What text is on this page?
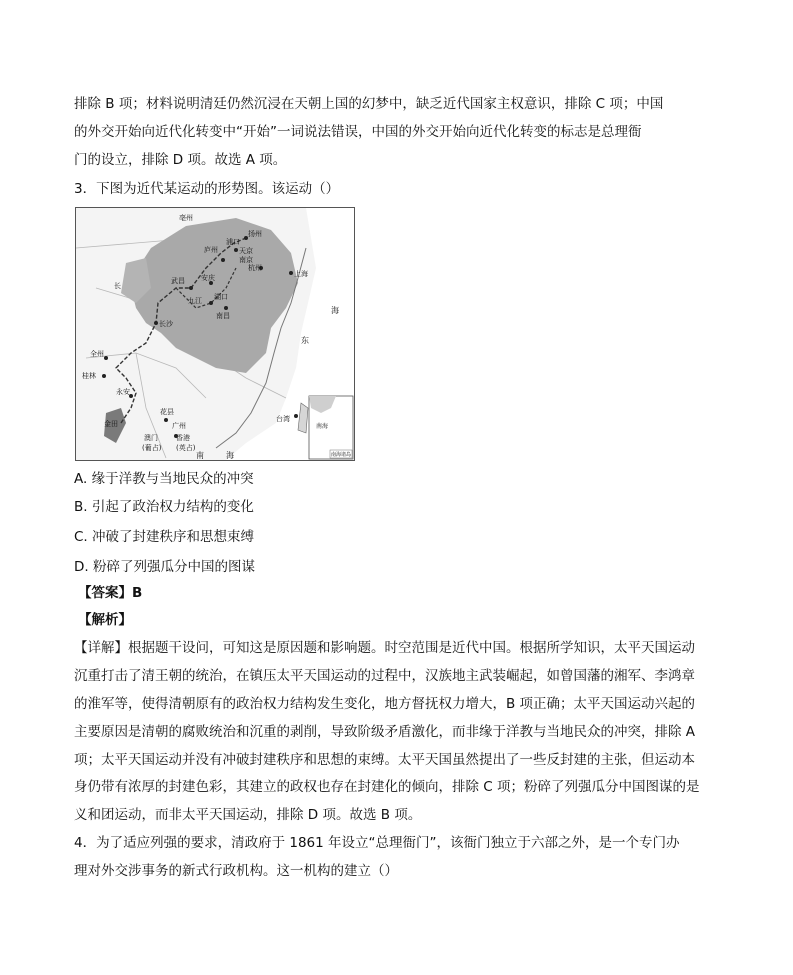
排除 B 项；材料说明清廷仍然沉浸在天朝上国的幻梦中，缺乏近代国家主权意识，排除 C 项；中国
的外交开始向近代化转变中“开始”一词说法错误，中国的外交开始向近代化转变的标志是总理衙
门的设立，排除 D 项。故选 A 项。
3．下图为近代某运动的形势图。该运动（）
亳州
扬州
庐州
浦口
天京
南京
武昌 安庆	上海
杭州
九江 湖口
南昌
长沙
长
全州
桂林
永安
金田
花县
广州
澳门
(葡占)
香港
(英占)
台湾
东
海
南	海
南海
南海诸岛
A. 缘于洋教与当地民众的冲突
B. 引起了政治权力结构的变化
C. 冲破了封建秩序和思想束缚
D. 粉碎了列强瓜分中国的图谋
【答案】B
【解析】
【详解】根据题干设问，可知这是原因题和影响题。时空范围是近代中国。根据所学知识，太平天国运动
沉重打击了清王朝的统治，在镇压太平天国运动的过程中，汉族地主武装崛起，如曾国藩的湘军、李鸿章
的淮军等，使得清朝原有的政治权力结构发生变化，地方督抚权力增大，B 项正确；太平天国运动兴起的
主要原因是清朝的腐败统治和沉重的剥削，导致阶级矛盾激化，而非缘于洋教与当地民众的冲突，排除 A
项；太平天国运动并没有冲破封建秩序和思想的束缚。太平天国虽然提出了一些反封建的主张，但运动本
身仍带有浓厚的封建色彩，其建立的政权也存在封建化的倾向，排除 C 项；粉碎了列强瓜分中国图谋的是
义和团运动，而非太平天国运动，排除 D 项。故选 B 项。
4．为了适应列强的要求，清政府于 1861 年设立“总理衙门”，该衙门独立于六部之外，是一个专门办
理对外交涉事务的新式行政机构。这一机构的建立（）
